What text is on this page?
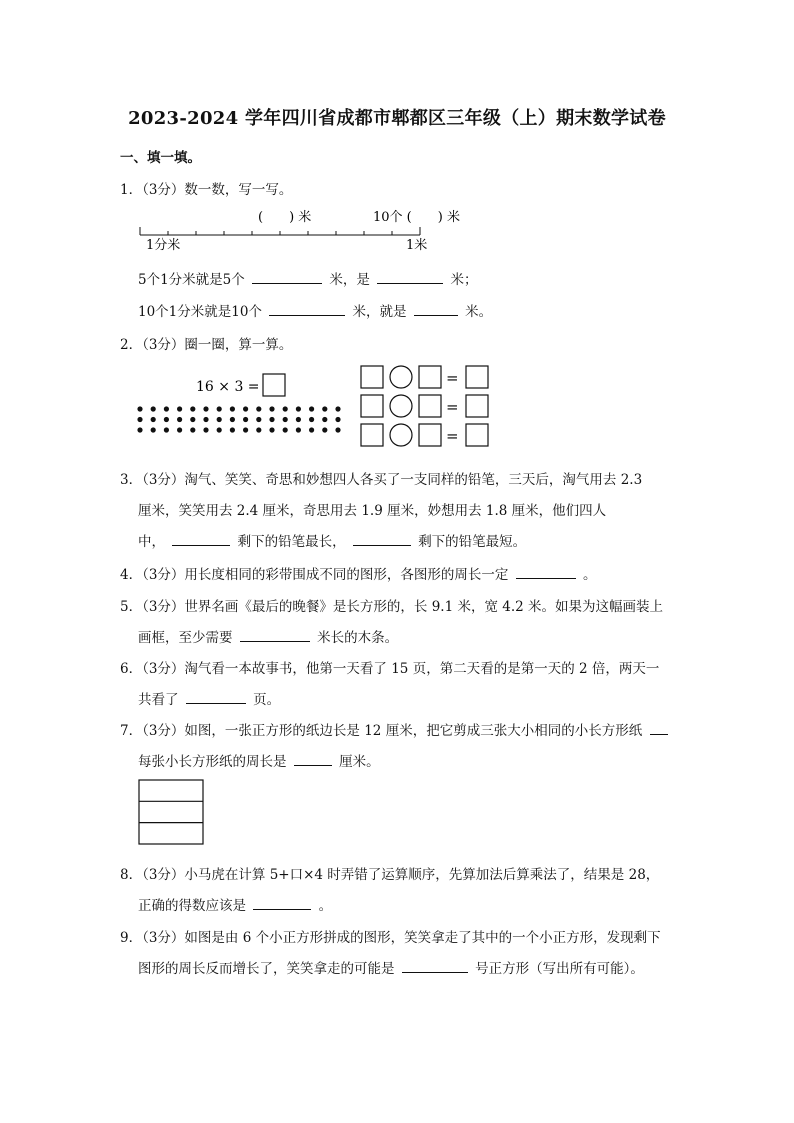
2023-2024 学年四川省成都市郫都区三年级（上）期末数学试卷
一、填一填。
1．（3分）数一数，写一写。
(　　) 米	10个 (　　) 米
1分米	1米
5个1分米就是5个	米，是	米；
10个1分米就是10个	米，就是	米。
2．（3分）圈一圈，算一算。
16 × 3 =	=
=
=
3．（3分）淘气、笑笑、奇思和妙想四人各买了一支同样的铅笔，三天后，淘气用去 2.3
厘米，笑笑用去 2.4 厘米，奇思用去 1.9 厘米，妙想用去 1.8 厘米，他们四人
中，	剩下的铅笔最长，	剩下的铅笔最短。
4．（3分）用长度相同的彩带围成不同的图形，各图形的周长一定	。
5．（3分）世界名画《最后的晚餐》是长方形的，长 9.1 米，宽 4.2 米。如果为这幅画装上
画框，至少需要	米长的木条。
6．（3分）淘气看一本故事书，他第一天看了 15 页，第二天看的是第一天的 2 倍，两天一
共看了	页。
7．（3分）如图，一张正方形的纸边长是 12 厘米，把它剪成三张大小相同的小长方形纸
每张小长方形纸的周长是	厘米。
8．（3分）小马虎在计算 5+口×4 时弄错了运算顺序，先算加法后算乘法了，结果是 28，
正确的得数应该是	。
9．（3分）如图是由 6 个小正方形拼成的图形，笑笑拿走了其中的一个小正方形，发现剩下
图形的周长反而增长了，笑笑拿走的可能是	号正方形（写出所有可能）。
